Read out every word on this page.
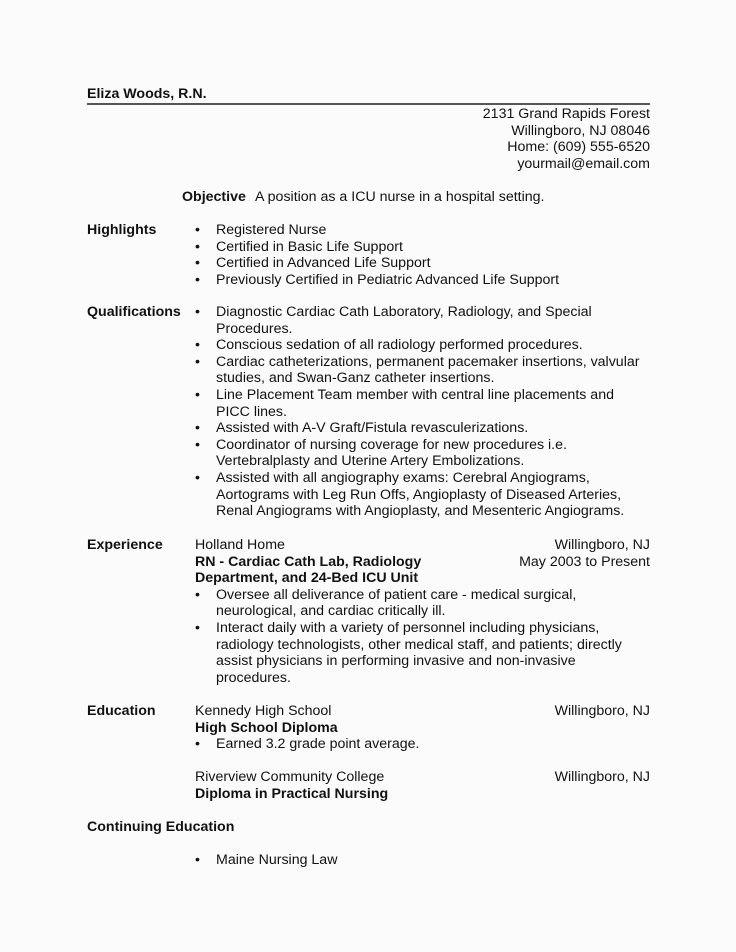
Eliza Woods, R.N.
2131 Grand Rapids Forest
Willingboro, NJ 08046
Home: (609) 555-6520
yourmail@email.com
Objective A position as a ICU nurse in a hospital setting.
Highlights	• Registered Nurse
• Certified in Basic Life Support
• Certified in Advanced Life Support
• Previously Certified in Pediatric Advanced Life Support
Qualifications	• Diagnostic Cardiac Cath Laboratory, Radiology, and Special Procedures.
• Conscious sedation of all radiology performed procedures.
• Cardiac catheterizations, permanent pacemaker insertions, valvular studies, and Swan-Ganz catheter insertions.
• Line Placement Team member with central line placements and PICC lines.
• Assisted with A-V Graft/Fistula revasculerizations.
• Coordinator of nursing coverage for new procedures i.e. Vertebralplasty and Uterine Artery Embolizations.
• Assisted with all angiography exams: Cerebral Angiograms, Aortograms with Leg Run Offs, Angioplasty of Diseased Arteries, Renal Angiograms with Angioplasty, and Mesenteric Angiograms.
Experience Holland Home	Willingboro, NJ
RN - Cardiac Cath Lab, Radiology	May 2003 to Present
Department, and 24-Bed ICU Unit
• Oversee all deliverance of patient care - medical surgical, neurological, and cardiac critically ill.
• Interact daily with a variety of personnel including physicians, radiology technologists, other medical staff, and patients; directly assist physicians in performing invasive and non-invasive procedures.
Education	Kennedy High School	Willingboro, NJ
High School Diploma
• Earned 3.2 grade point average.
Riverview Community College	Willingboro, NJ
Diploma in Practical Nursing
Continuing Education
• Maine Nursing Law
